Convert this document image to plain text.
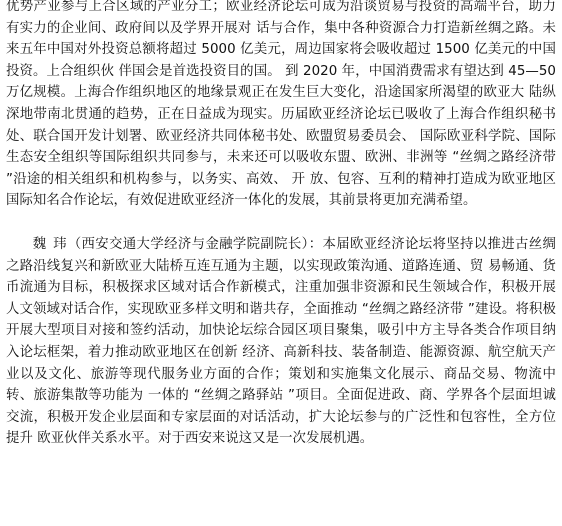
优势产业参与上合区域的产业分工；欧亚经济论坛可成为沿谈贸易与投资的高端平台，助力有实力的企业间、政府间以及学界开展对 话与合作，集中各种资源合力打造新丝绸之路。未来五年中国对外投资总额将超过 5000 亿美元，周边国家将会吸收超过 1500 亿美元的中国投资。上合组织伙 伴国会是首选投资目的国。 到 2020 年，中国消费需求有望达到 45—50 万亿规模。上海合作组织地区的地缘景观正在发生巨大变化，沿途国家所渴望的欧亚大 陆纵深地带南北贯通的趋势，正在日益成为现实。历届欧亚经济论坛已吸收了上海合作组织秘书处、联合国开发计划署、欧亚经济共同体秘书处、欧盟贸易委员会、 国际欧亚科学院、国际生态安全组织等国际组织共同参与，未来还可以吸收东盟、欧洲、非洲等 “丝绸之路经济带 ”沿途的相关组织和机构参与，以务实、高效、 开 放、包容、互利的精神打造成为欧亚地区国际知名合作论坛，有效促进欧亚经济一体化的发展，其前景将更加充满希望。

魏 玮（西安交通大学经济与金融学院副院长）：本届欧亚经济论坛将坚持以推进古丝绸之路沿线复兴和新欧亚大陆桥互连互通为主题，以实现政策沟通、道路连通、贸 易畅通、货币流通为目标，积极探求区域对话合作新模式，注重加强非资源和民生领域合作，积极开展人文领域对话合作，实现欧亚多样文明和谐共存，全面推动 “丝绸之路经济带 ”建设。将积极开展大型项目对接和签约活动，加快论坛综合园区项目聚集，吸引中方主导各类合作项目纳入论坛框架，着力推动欧亚地区在创新 经济、高新科技、装备制造、能源资源、航空航天产业以及文化、旅游等现代服务业方面的合作；策划和实施集文化展示、商品交易、物流中转、旅游集散等功能为 一体的 “丝绸之路驿站 ”项目。全面促进政、商、学界各个层面坦诚交流，积极开发企业层面和专家层面的对话活动，扩大论坛参与的广泛性和包容性，全方位提升 欧亚伙伴关系水平。对于西安来说这又是一次发展机遇。
